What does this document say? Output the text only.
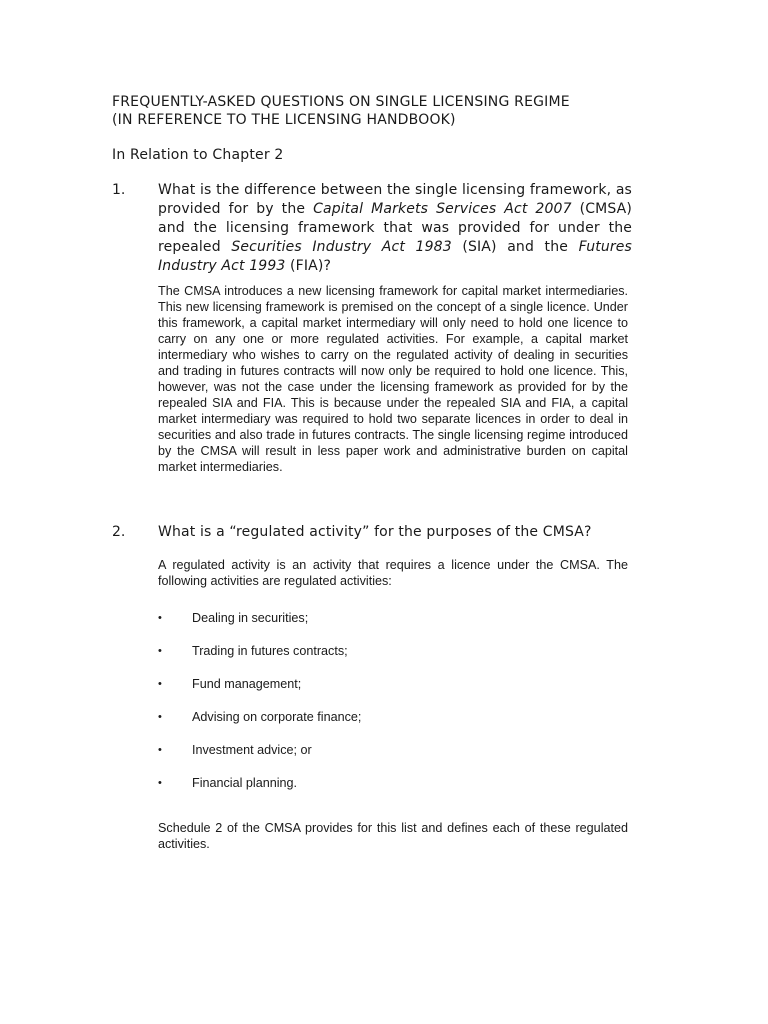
FREQUENTLY-ASKED QUESTIONS ON SINGLE LICENSING REGIME
(IN REFERENCE TO THE LICENSING HANDBOOK)
In Relation to Chapter 2
1. What is the difference between the single licensing framework, as provided for by the Capital Markets Services Act 2007 (CMSA) and the licensing framework that was provided for under the repealed Securities Industry Act 1983 (SIA) and the Futures Industry Act 1993 (FIA)?
The CMSA introduces a new licensing framework for capital market intermediaries. This new licensing framework is premised on the concept of a single licence. Under this framework, a capital market intermediary will only need to hold one licence to carry on any one or more regulated activities. For example, a capital market intermediary who wishes to carry on the regulated activity of dealing in securities and trading in futures contracts will now only be required to hold one licence. This, however, was not the case under the licensing framework as provided for by the repealed SIA and FIA. This is because under the repealed SIA and FIA, a capital market intermediary was required to hold two separate licences in order to deal in securities and also trade in futures contracts. The single licensing regime introduced by the CMSA will result in less paper work and administrative burden on capital market intermediaries.
2. What is a “regulated activity” for the purposes of the CMSA?
A regulated activity is an activity that requires a licence under the CMSA. The following activities are regulated activities:
• Dealing in securities;
• Trading in futures contracts;
• Fund management;
• Advising on corporate finance;
• Investment advice; or
• Financial planning.
Schedule 2 of the CMSA provides for this list and defines each of these regulated activities.
